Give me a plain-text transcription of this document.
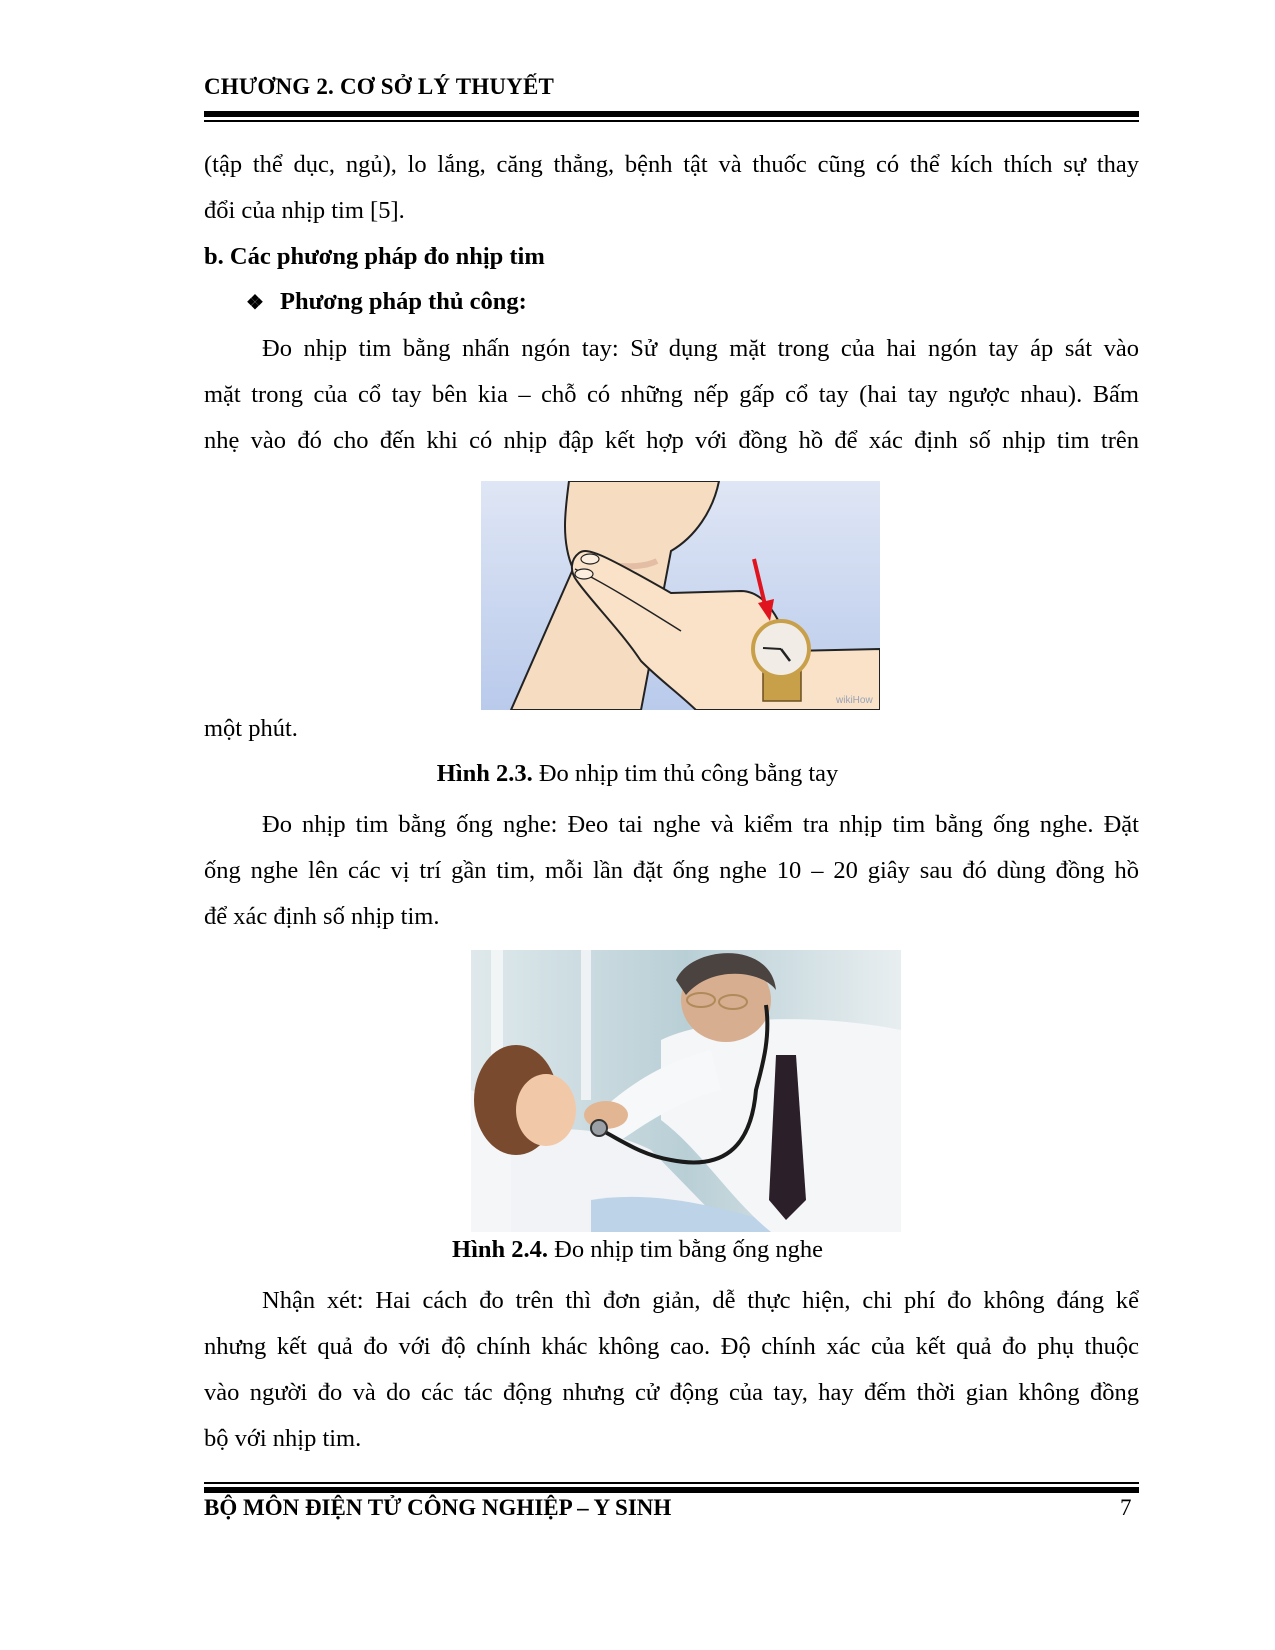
CHƯƠNG 2. CƠ SỞ LÝ THUYẾT
(tập thể dục, ngủ), lo lắng, căng thẳng, bệnh tật và thuốc cũng có thể kích thích sự thay
đổi của nhịp tim [5].
b. Các phương pháp đo nhịp tim
❖ Phương pháp thủ công:
Đo nhịp tim bằng nhấn ngón tay: Sử dụng mặt trong của hai ngón tay áp sát vào
mặt trong của cổ tay bên kia – chỗ có những nếp gấp cổ tay (hai tay ngược nhau). Bấm
nhẹ vào đó cho đến khi có nhịp đập kết hợp với đồng hồ để xác định số nhịp tim trên
wikiHow
một phút.
Hình 2.3. Đo nhịp tim thủ công bằng tay
Đo nhịp tim bằng ống nghe: Đeo tai nghe và kiểm tra nhịp tim bằng ống nghe. Đặt
ống nghe lên các vị trí gần tim, mỗi lần đặt ống nghe 10 – 20 giây sau đó dùng đồng hồ
để xác định số nhịp tim.
Hình 2.4. Đo nhịp tim bằng ống nghe
Nhận xét: Hai cách đo trên thì đơn giản, dễ thực hiện, chi phí đo không đáng kể
nhưng kết quả đo với độ chính khác không cao. Độ chính xác của kết quả đo phụ thuộc
vào người đo và do các tác động nhưng cử động của tay, hay đếm thời gian không đồng
bộ với nhịp tim.
BỘ MÔN ĐIỆN TỬ CÔNG NGHIỆP – Y SINH	7
